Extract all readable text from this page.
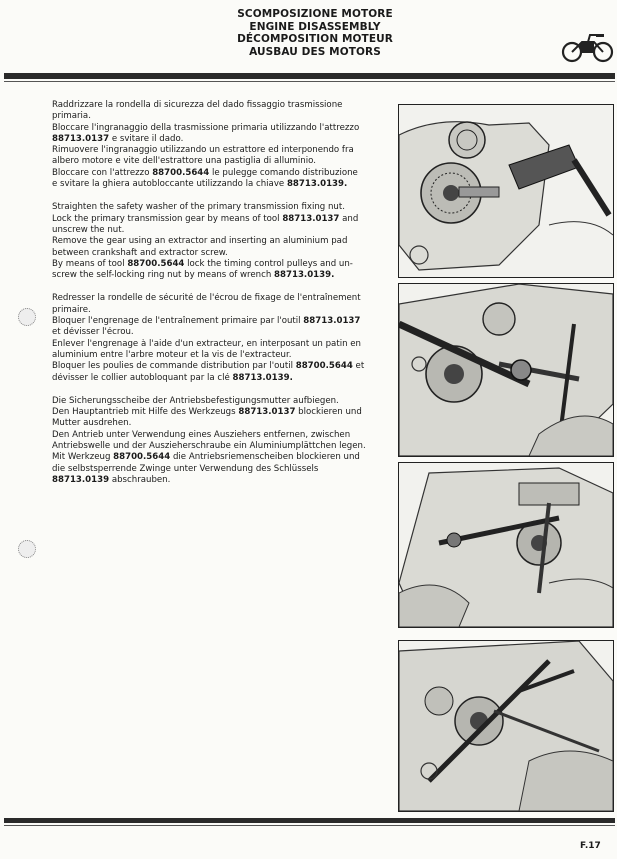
SCOMPOSIZIONE MOTORE
ENGINE DISASSEMBLY
DÉCOMPOSITION MOTEUR
AUSBAU DES MOTORS
Raddrizzare la rondella di sicurezza del dado fissaggio trasmissione
primaria.
Bloccare l'ingranaggio della trasmissione primaria utilizzando l'attrezzo
88713.0137 e svitare il dado.
Rimuovere l'ingranaggio utilizzando un estrattore ed interponendo fra
albero motore e vite dell'estrattore una pastiglia di alluminio.
Bloccare con l'attrezzo 88700.5644 le pulegge comando distribuzione
e svitare la ghiera autobloccante utilizzando la chiave 88713.0139.
Straighten the safety washer of the primary transmission fixing nut.
Lock the primary transmission gear by means of tool 88713.0137 and
unscrew the nut.
Remove the gear using an extractor and inserting an aluminium pad
between crankshaft and extractor screw.
By means of tool 88700.5644 lock the timing control pulleys and un-
screw the self-locking ring nut by means of wrench 88713.0139.
Redresser la rondelle de sécurité de l'écrou de fixage de l'entraînement
primaire.
Bloquer l'engrenage de l'entraînement primaire par l'outil 88713.0137
et dévisser l'écrou.
Enlever l'engrenage à l'aide d'un extracteur, en interposant un patin en
aluminium entre l'arbre moteur et la vis de l'extracteur.
Bloquer les poulies de commande distribution par l'outil 88700.5644 et
dévisser le collier autobloquant par la clé 88713.0139.
Die Sicherungsscheibe der Antriebsbefestigungsmutter aufbiegen.
Den Hauptantrieb mit Hilfe des Werkzeugs 88713.0137 blockieren und
Mutter ausdrehen.
Den Antrieb unter Verwendung eines Ausziehers entfernen, zwischen
Antriebswelle und der Auszieherschraube ein Aluminiumplättchen legen.
Mit Werkzeug 88700.5644 die Antriebsriemenscheiben blockieren und
die selbstsperrende Zwinge unter Verwendung des Schlüssels
88713.0139 abschrauben.
F.17
